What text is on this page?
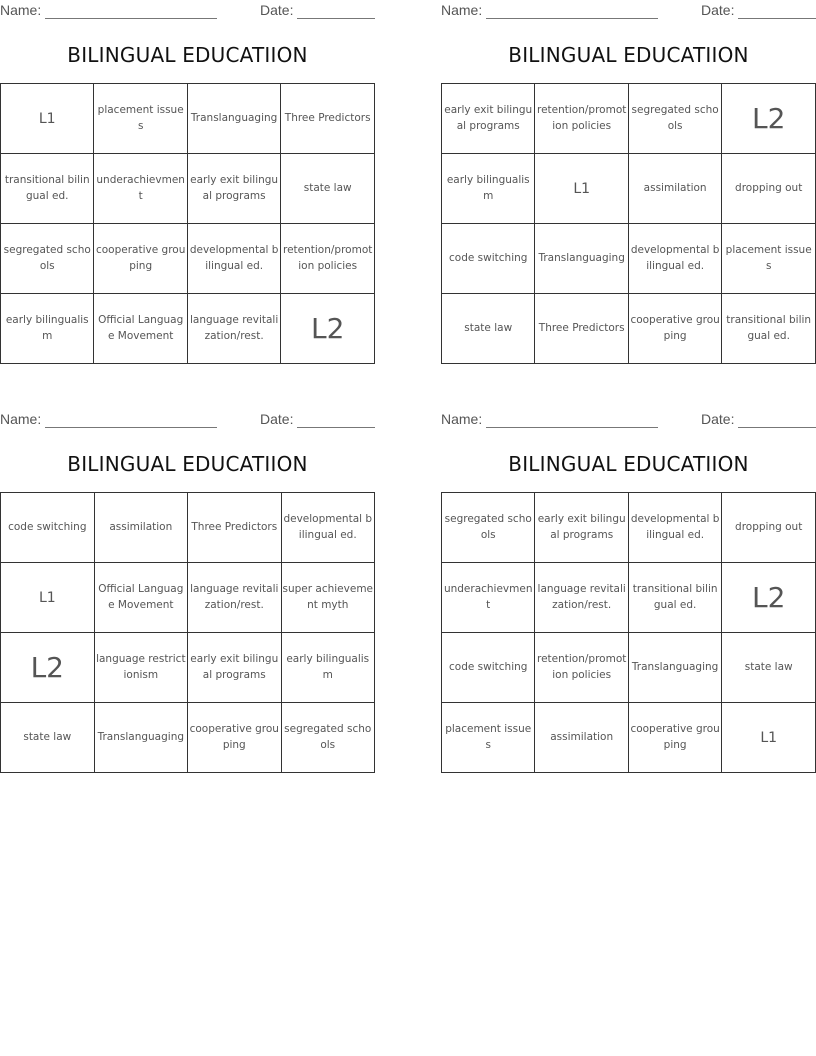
Name:	Date:
BILINGUAL EDUCATIION
L1	placement issues	Translanguaging	Three Predictors
transitional bilingual ed.	underachievment	early exit bilingual programs	state law
segregated schools	cooperative grouping	developmental bilingual ed.	retention/promotion policies
early bilingualism	Official Language Movement	language revitalization/rest.	L2
Name:	Date:
BILINGUAL EDUCATIION
early exit bilingual programs	retention/promotion policies	segregated schools	L2
early bilingualism	L1	assimilation	dropping out
code switching	Translanguaging	developmental bilingual ed.	placement issues
state law	Three Predictors	cooperative grouping	transitional bilingual ed.
Name:	Date:
BILINGUAL EDUCATIION
code switching	assimilation	Three Predictors	developmental bilingual ed.
L1	Official Language Movement	language revitalization/rest.	super achievement myth
L2	language restrictionism	early exit bilingual programs	early bilingualism
state law	Translanguaging	cooperative grouping	segregated schools
Name:	Date:
BILINGUAL EDUCATIION
segregated schools	early exit bilingual programs	developmental bilingual ed.	dropping out
underachievment	language revitalization/rest.	transitional bilingual ed.	L2
code switching	retention/promotion policies	Translanguaging	state law
placement issues	assimilation	cooperative grouping	L1
